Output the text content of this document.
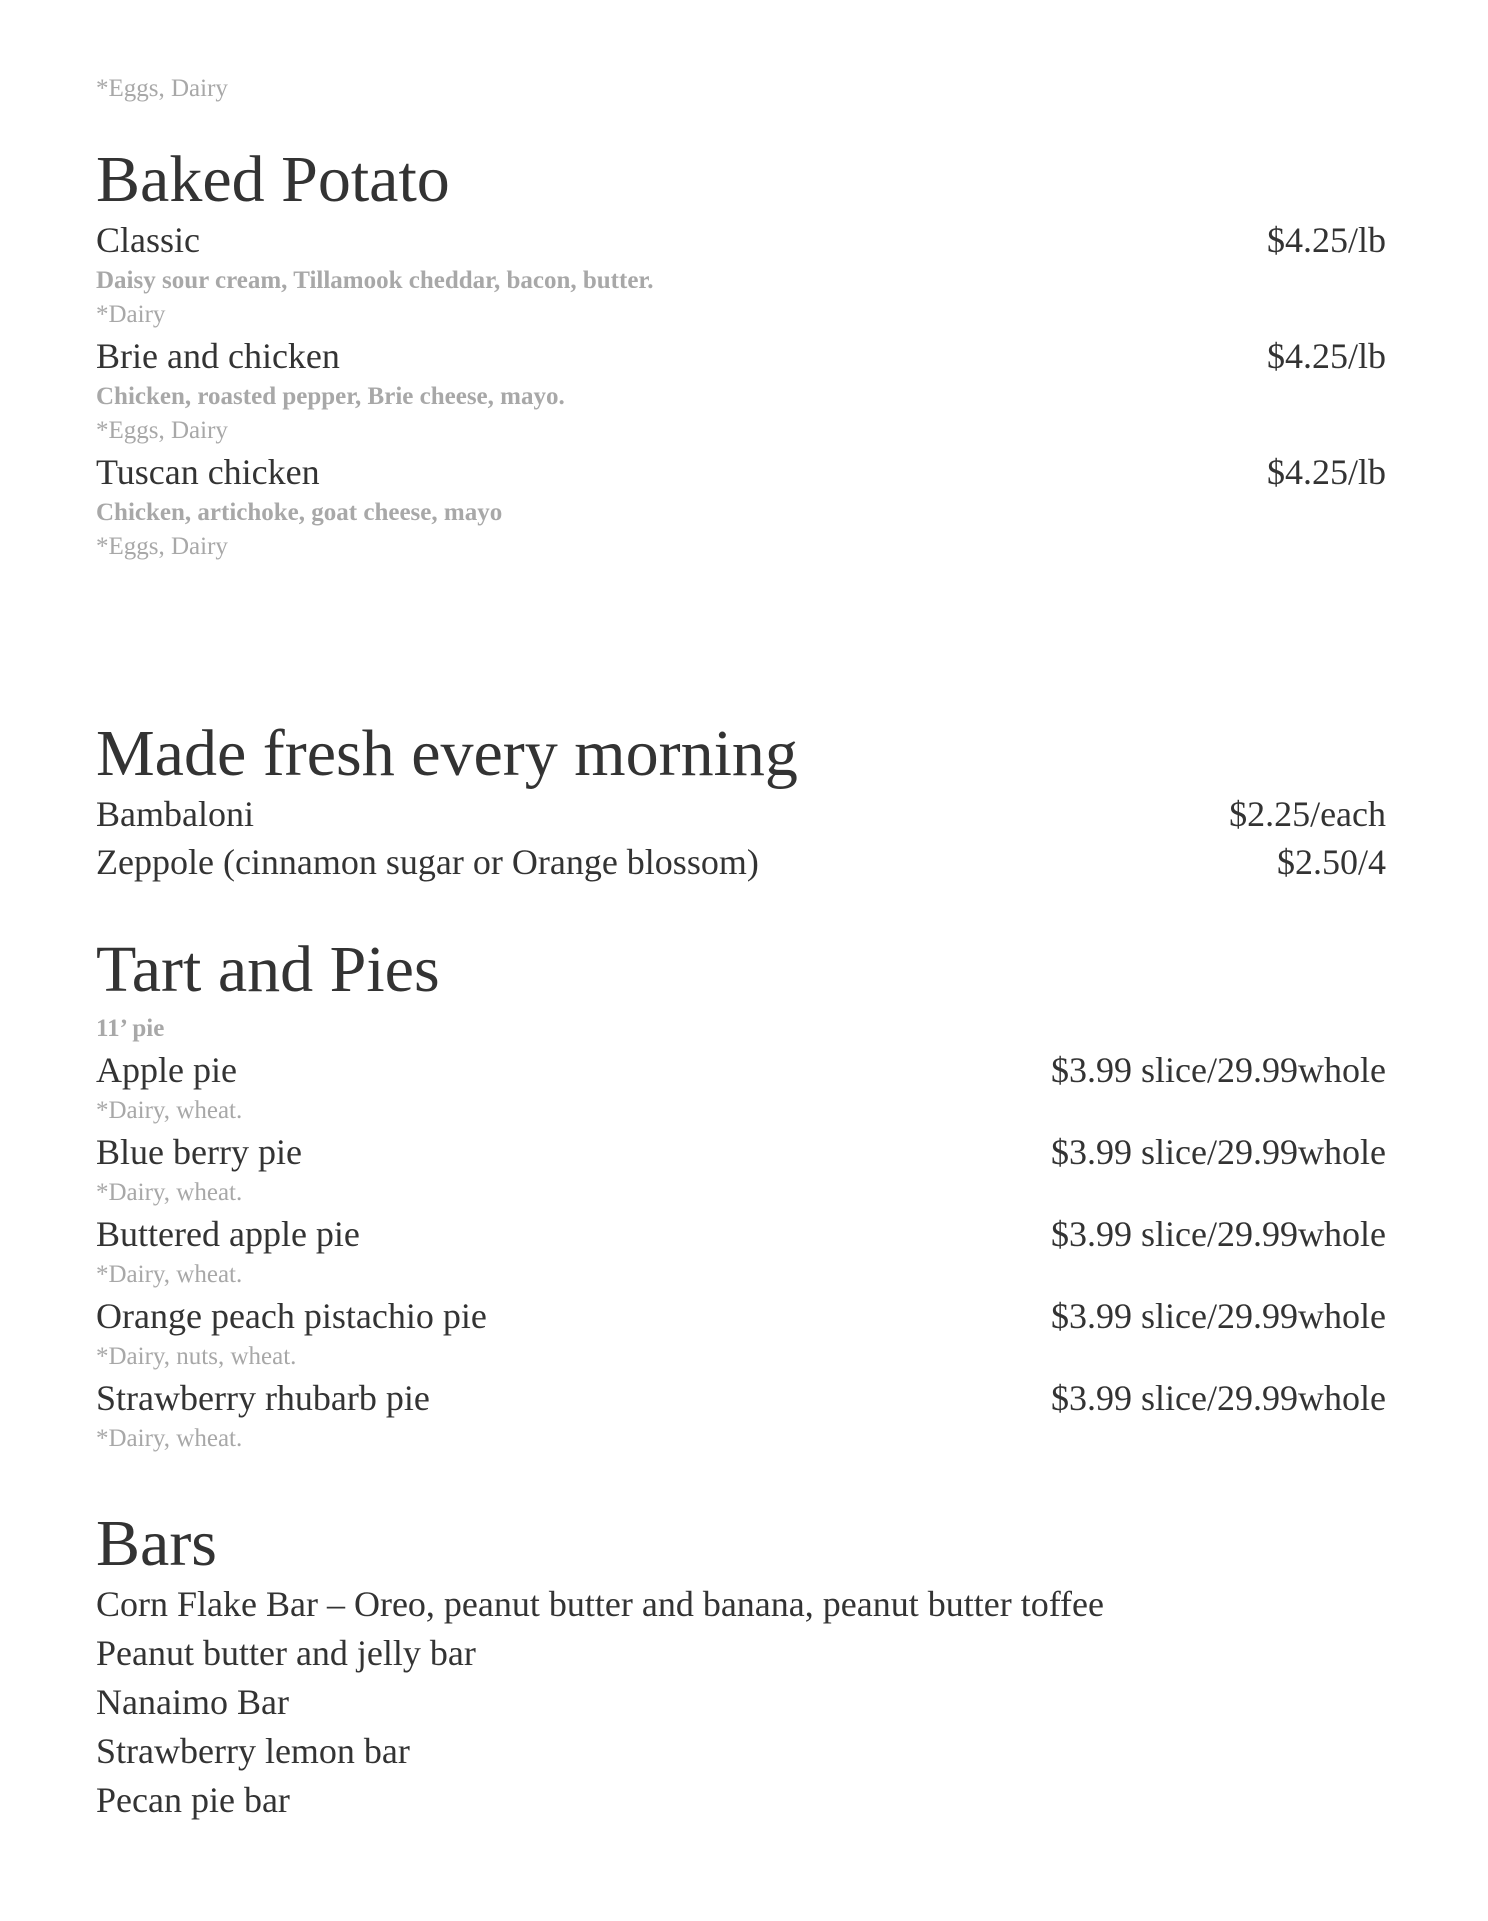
*Eggs, Dairy
Baked Potato
Classic	$4.25/lb
Daisy sour cream, Tillamook cheddar, bacon, butter.
*Dairy
Brie and chicken	$4.25/lb
Chicken, roasted pepper, Brie cheese, mayo.
*Eggs, Dairy
Tuscan chicken	$4.25/lb
Chicken, artichoke, goat cheese, mayo
*Eggs, Dairy
Made fresh every morning
Bambaloni	$2.25/each
Zeppole (cinnamon sugar or Orange blossom)	$2.50/4
Tart and Pies
11’ pie
Apple pie	$3.99 slice/29.99whole
*Dairy, wheat.
Blue berry pie	$3.99 slice/29.99whole
*Dairy, wheat.
Buttered apple pie	$3.99 slice/29.99whole
*Dairy, wheat.
Orange peach pistachio pie	$3.99 slice/29.99whole
*Dairy, nuts, wheat.
Strawberry rhubarb pie	$3.99 slice/29.99whole
*Dairy, wheat.
Bars
Corn Flake Bar – Oreo, peanut butter and banana, peanut butter toffee
Peanut butter and jelly bar
Nanaimo Bar
Strawberry lemon bar
Pecan pie bar
